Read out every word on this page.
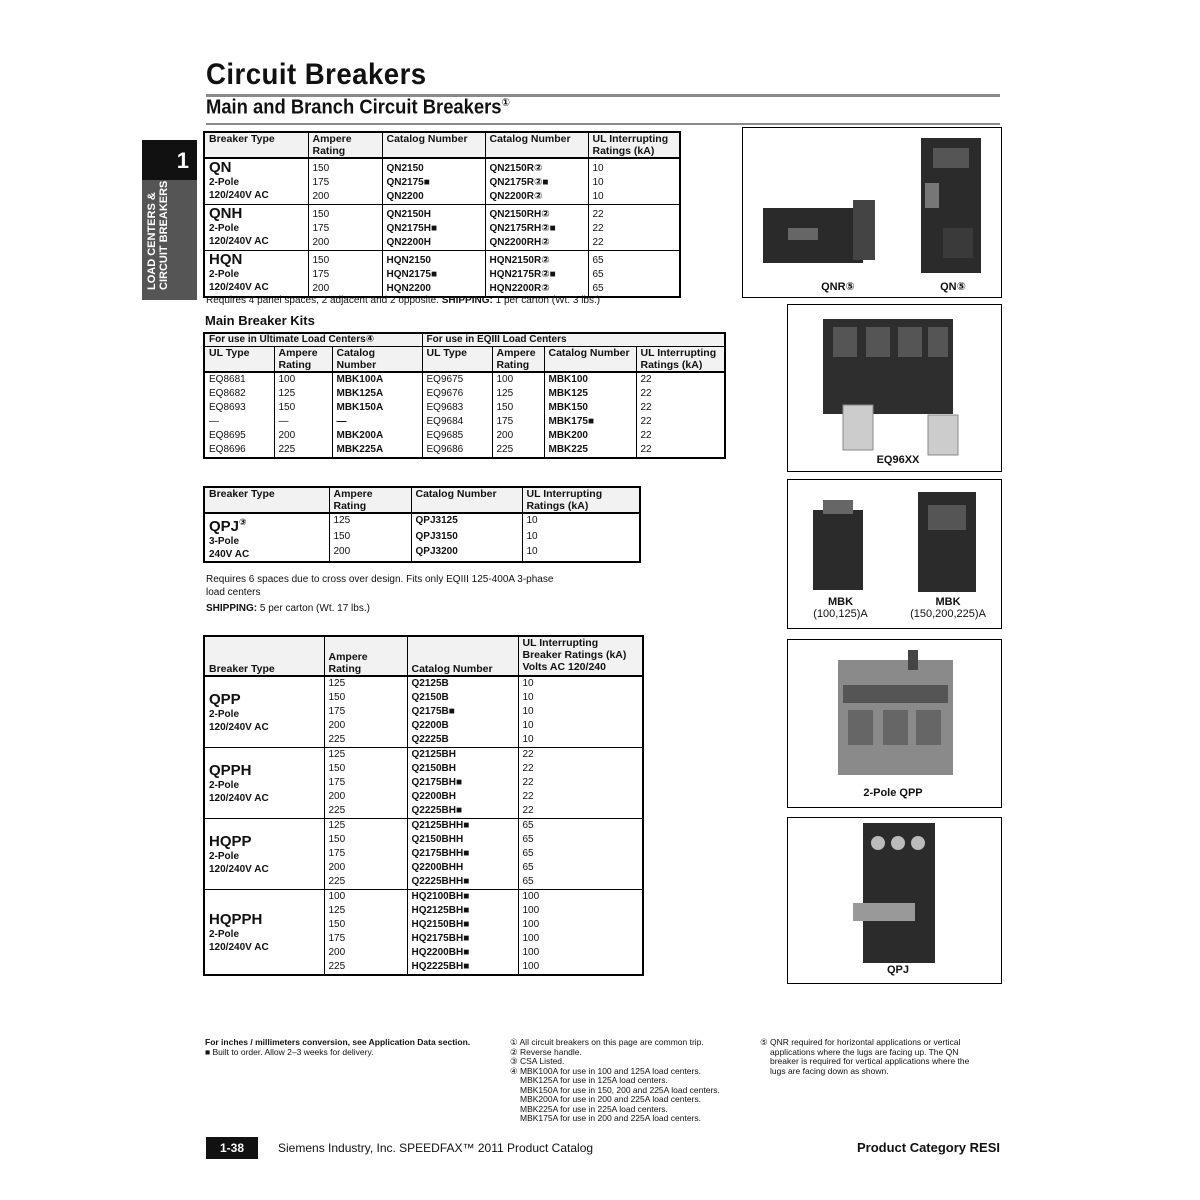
Circuit Breakers
Main and Branch Circuit Breakers①
1
LOAD CENTERS & CIRCUIT BREAKERS
Breaker Type	Ampere Rating	Catalog Number	Catalog Number	UL Interrupting Ratings (kA)

QN
2-Pole
120/240V AC	150	QN2150	QN2150R②	10
	175	QN2175■	QN2175R②■	10
	200	QN2200	QN2200R②	10

QNH
2-Pole
120/240V AC	150	QN2150H	QN2150RH②	22
	175	QN2175H■	QN2175RH②■	22
	200	QN2200H	QN2200RH②	22

HQN
2-Pole
120/240V AC	150	HQN2150	HQN2150R②	65
	175	HQN2175■	HQN2175R②■	65
	200	HQN2200	HQN2200R②	65
Requires 4 panel spaces, 2 adjacent and 2 opposite. SHIPPING: 1 per carton (Wt. 3 lbs.)
Main Breaker Kits
For use in Ultimate Load Centers④			For use in EQIII Load Centers			
UL Type	Ampere Rating	Catalog Number	UL Type	Ampere Rating	Catalog Number	UL Interrupting Ratings (kA)
EQ8681	100	MBK100A	EQ9675	100	MBK100	22
EQ8682	125	MBK125A	EQ9676	125	MBK125	22
EQ8693	150	MBK150A	EQ9683	150	MBK150	22
—	—	—	EQ9684	175	MBK175■	22
EQ8695	200	MBK200A	EQ9685	200	MBK200	22
EQ8696	225	MBK225A	EQ9686	225	MBK225	22
Breaker Type	Ampere Rating	Catalog Number	UL Interrupting Ratings (kA)

QPJ③
3-Pole
240V AC	125	QPJ3125	10
	150	QPJ3150	10
	200	QPJ3200	10
Requires 6 spaces due to cross over design. Fits only EQIII 125-400A 3-phase
load centers
SHIPPING: 5 per carton (Wt. 17 lbs.)
Breaker Type	Ampere Rating	Catalog Number	UL Interrupting Breaker Ratings (kA) Volts AC 120/240

QPP
2-Pole
120/240V AC	125	Q2125B	10
	150	Q2150B	10
	175	Q2175B■	10
	200	Q2200B	10
	225	Q2225B	10

QPPH
2-Pole
120/240V AC	125	Q2125BH	22
	150	Q2150BH	22
	175	Q2175BH■	22
	200	Q2200BH	22
	225	Q2225BH■	22

HQPP
2-Pole
120/240V AC	125	Q2125BHH■	65
	150	Q2150BHH	65
	175	Q2175BHH■	65
	200	Q2200BHH	65
	225	Q2225BHH■	65

HQPPH
2-Pole
120/240V AC	100	HQ2100BH■	100
	125	HQ2125BH■	100
	150	HQ2150BH■	100
	175	HQ2175BH■	100
	200	HQ2200BH■	100
	225	HQ2225BH■	100
QNR⑤	QN⑤
EQ96XX
MBK
(100,125)A
MBK
(150,200,225)A
2-Pole QPP
QPJ
For inches / millimeters conversion, see Application Data section.
■ Built to order. Allow 2–3 weeks for delivery.
① All circuit breakers on this page are common trip.
② Reverse handle.
③ CSA Listed.
④ MBK100A for use in 100 and 125A load centers.
MBK125A for use in 125A load centers.
MBK150A for use in 150, 200 and 225A load centers.
MBK200A for use in 200 and 225A load centers.
MBK225A for use in 225A load centers.
MBK175A for use in 200 and 225A load centers.
⑤ QNR required for horizontal applications or vertical
applications where the lugs are facing up. The QN
breaker is required for vertical applications where the
lugs are facing down as shown.
1-38	Siemens Industry, Inc. SPEEDFAX™ 2011 Product Catalog	Product Category RESI
